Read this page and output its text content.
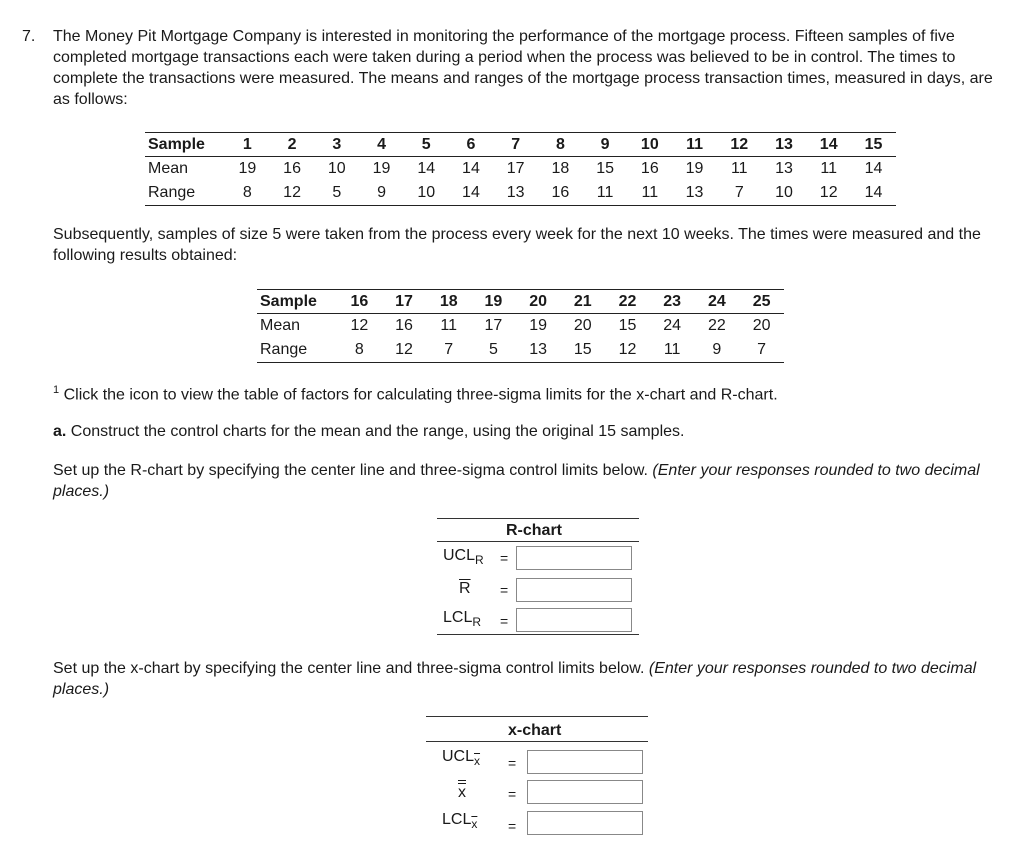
7. The Money Pit Mortgage Company is interested in monitoring the performance of the mortgage process. Fifteen samples of five completed mortgage transactions each were taken during a period when the process was believed to be in control. The times to complete the transactions were measured. The means and ranges of the mortgage process transaction times, measured in days, are as follows:
Sample	1	2	3	4	5	6	7	8	9	10	11	12	13	14	15
Mean	19	16	10	19	14	14	17	18	15	16	19	11	13	11	14
Range	8	12	5	9	10	14	13	16	11	11	13	7	10	12	14
Subsequently, samples of size 5 were taken from the process every week for the next 10 weeks. The times were measured and the following results obtained:
Sample	16	17	18	19	20	21	22	23	24	25
Mean	12	16	11	17	19	20	15	24	22	20
Range	8	12	7	5	13	15	12	11	9	7
$^1$ Click the icon to view the table of factors for calculating three-sigma limits for the x-chart and R-chart.
a. Construct the control charts for the mean and the range, using the original 15 samples.
Set up the R-chart by specifying the center line and three-sigma control limits below. (Enter your responses rounded to two decimal places.)
R-chart
$UCL_R$ =
$\overline{R}$ =
$LCL_R$ =
Set up the x-chart by specifying the center line and three-sigma control limits below. (Enter your responses rounded to two decimal places.)
x-chart
$UCL_{\overline{x}}$ =
x	=
$LCL_{\overline{x}}$ =
